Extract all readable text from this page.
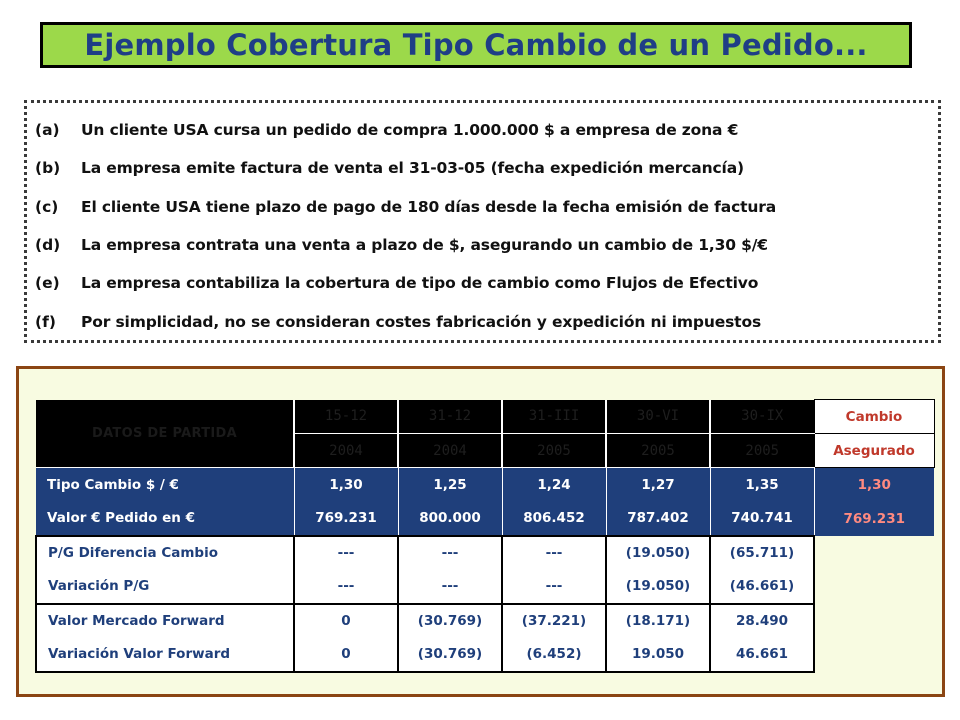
Ejemplo Cobertura Tipo Cambio de un Pedido...
(a)	Un cliente USA cursa un pedido de compra 1.000.000 $ a empresa de zona €
(b)	La empresa emite factura de venta el 31-03-05 (fecha expedición mercancía)
(c)	El cliente USA tiene plazo de pago de 180 días desde la fecha emisión de factura
(d)	La empresa contrata una venta a plazo de $, asegurando un cambio de 1,30 $/€
(e)	La empresa contabiliza la cobertura de tipo de cambio como Flujos de Efectivo
(f)	Por simplicidad, no se consideran costes fabricación y expedición ni impuestos
DATOS DE PARTIDA	15-12	31-12	31-III	30-VI	30-IX	Cambio
	2004	2004	2005	2005	2005	Asegurado
Tipo Cambio $ / €	1,30	1,25	1,24	1,27	1,35	1,30
Valor € Pedido en €	769.231	800.000	806.452	787.402	740.741	769.231
P/G Diferencia Cambio	---	---	---	(19.050)	(65.711)	
Variación P/G	---	---	---	(19.050)	(46.661)	
Valor Mercado Forward	0	(30.769)	(37.221)	(18.171)	28.490	
Variación Valor Forward	0	(30.769)	(6.452)	19.050	46.661	
